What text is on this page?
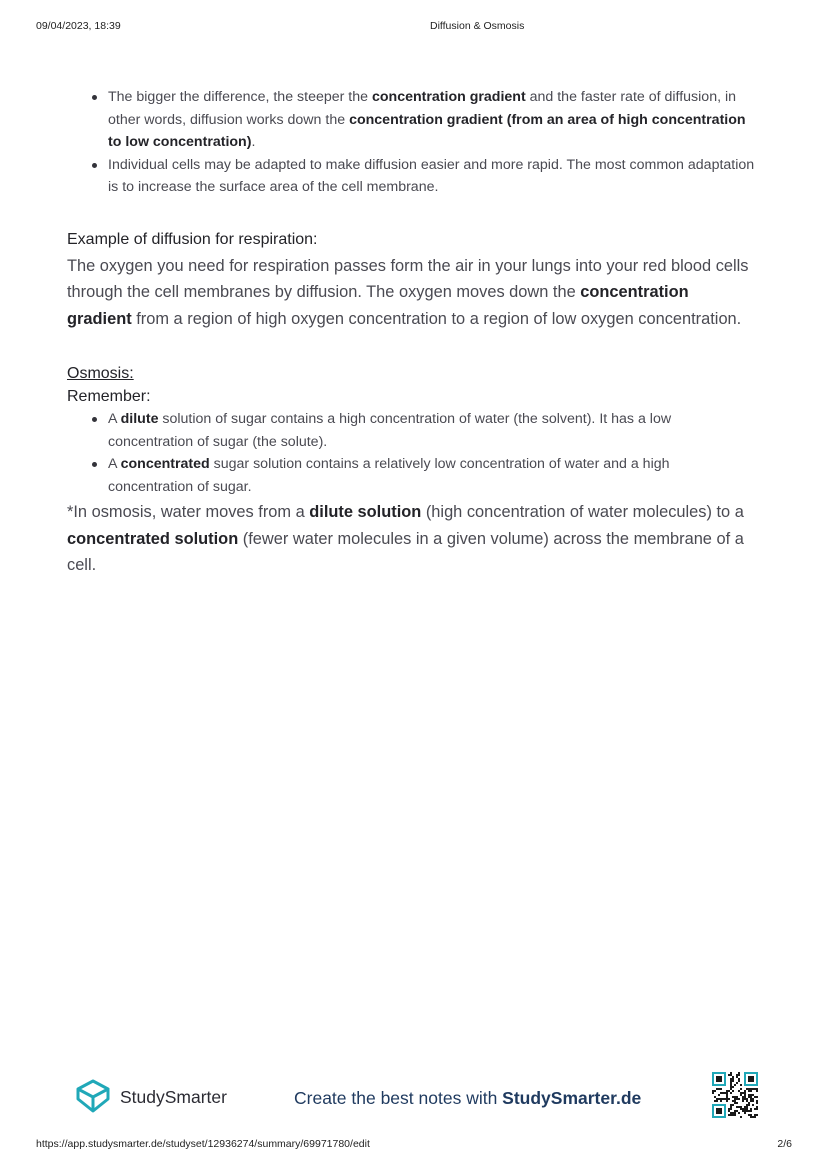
09/04/2023, 18:39	Diffusion & Osmosis
The bigger the difference, the steeper the concentration gradient and the faster rate of diffusion, in other words, diffusion works down the concentration gradient (from an area of high concentration to low concentration).
Individual cells may be adapted to make diffusion easier and more rapid. The most common adaptation is to increase the surface area of the cell membrane.
Example of diffusion for respiration:

The oxygen you need for respiration passes form the air in your lungs into your red blood cells through the cell membranes by diffusion. The oxygen moves down the concentration gradient from a region of high oxygen concentration to a region of low oxygen concentration.

Osmosis:
Remember:
A dilute solution of sugar contains a high concentration of water (the solvent). It has a low concentration of sugar (the solute).
A concentrated sugar solution contains a relatively low concentration of water and a high concentration of sugar.

*In osmosis, water moves from a dilute solution (high concentration of water molecules) to a concentrated solution (fewer water molecules in a given volume) across the membrane of a cell.

StudySmarter	Create the best notes with StudySmarter.de
https://app.studysmarter.de/studyset/12936274/summary/69971780/edit	2/6
